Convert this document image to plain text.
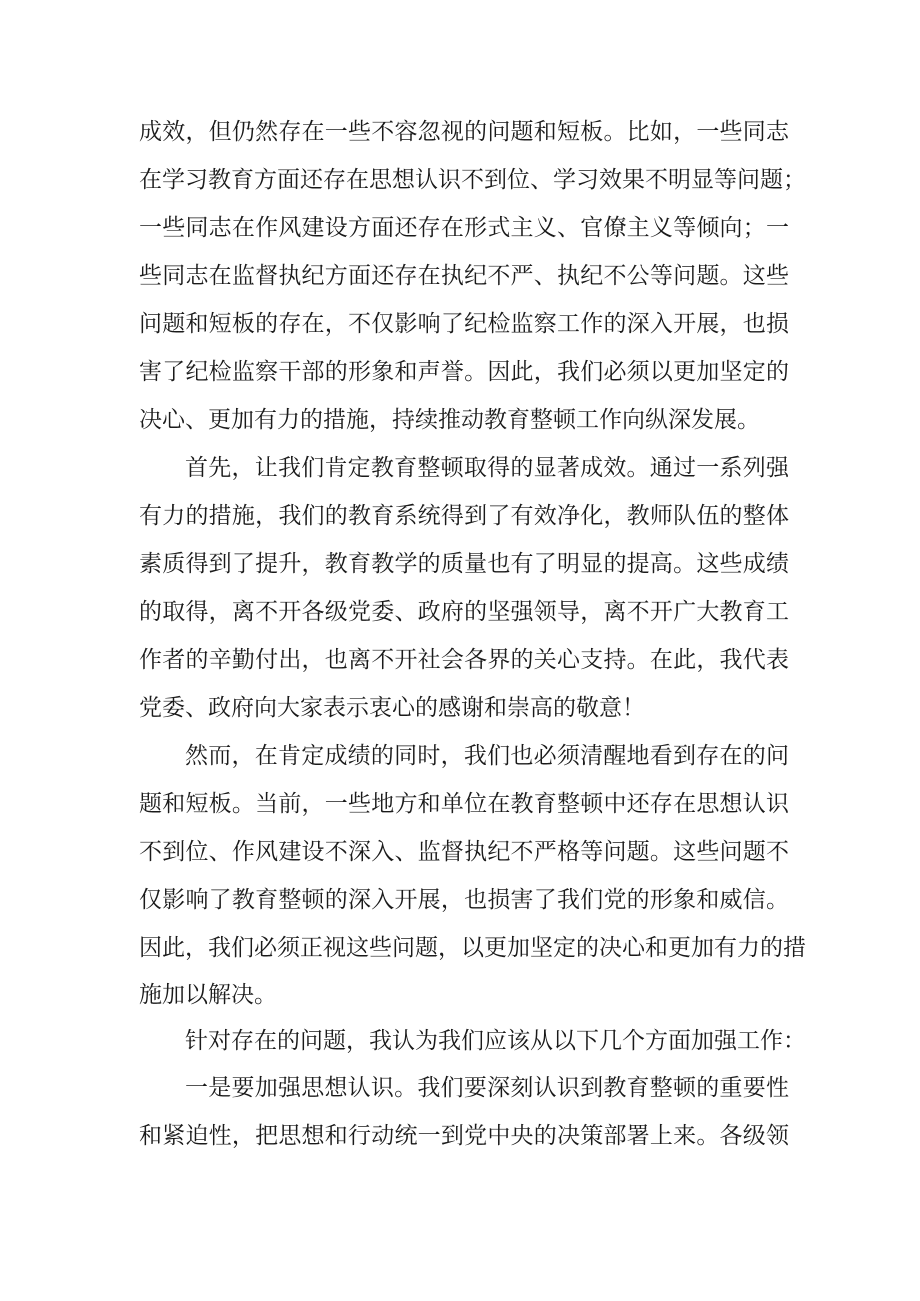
成效，但仍然存在一些不容忽视的问题和短板。比如，一些同志
在学习教育方面还存在思想认识不到位、学习效果不明显等问题；
一些同志在作风建设方面还存在形式主义、官僚主义等倾向；一
些同志在监督执纪方面还存在执纪不严、执纪不公等问题。这些
问题和短板的存在，不仅影响了纪检监察工作的深入开展，也损
害了纪检监察干部的形象和声誉。因此，我们必须以更加坚定的
决心、更加有力的措施，持续推动教育整顿工作向纵深发展。
首先，让我们肯定教育整顿取得的显著成效。通过一系列强
有力的措施，我们的教育系统得到了有效净化，教师队伍的整体
素质得到了提升，教育教学的质量也有了明显的提高。这些成绩
的取得，离不开各级党委、政府的坚强领导，离不开广大教育工
作者的辛勤付出，也离不开社会各界的关心支持。在此，我代表
党委、政府向大家表示衷心的感谢和崇高的敬意！
然而，在肯定成绩的同时，我们也必须清醒地看到存在的问
题和短板。当前，一些地方和单位在教育整顿中还存在思想认识
不到位、作风建设不深入、监督执纪不严格等问题。这些问题不
仅影响了教育整顿的深入开展，也损害了我们党的形象和威信。
因此，我们必须正视这些问题，以更加坚定的决心和更加有力的措
施加以解决。
针对存在的问题，我认为我们应该从以下几个方面加强工作：
一是要加强思想认识。我们要深刻认识到教育整顿的重要性
和紧迫性，把思想和行动统一到党中央的决策部署上来。各级领
